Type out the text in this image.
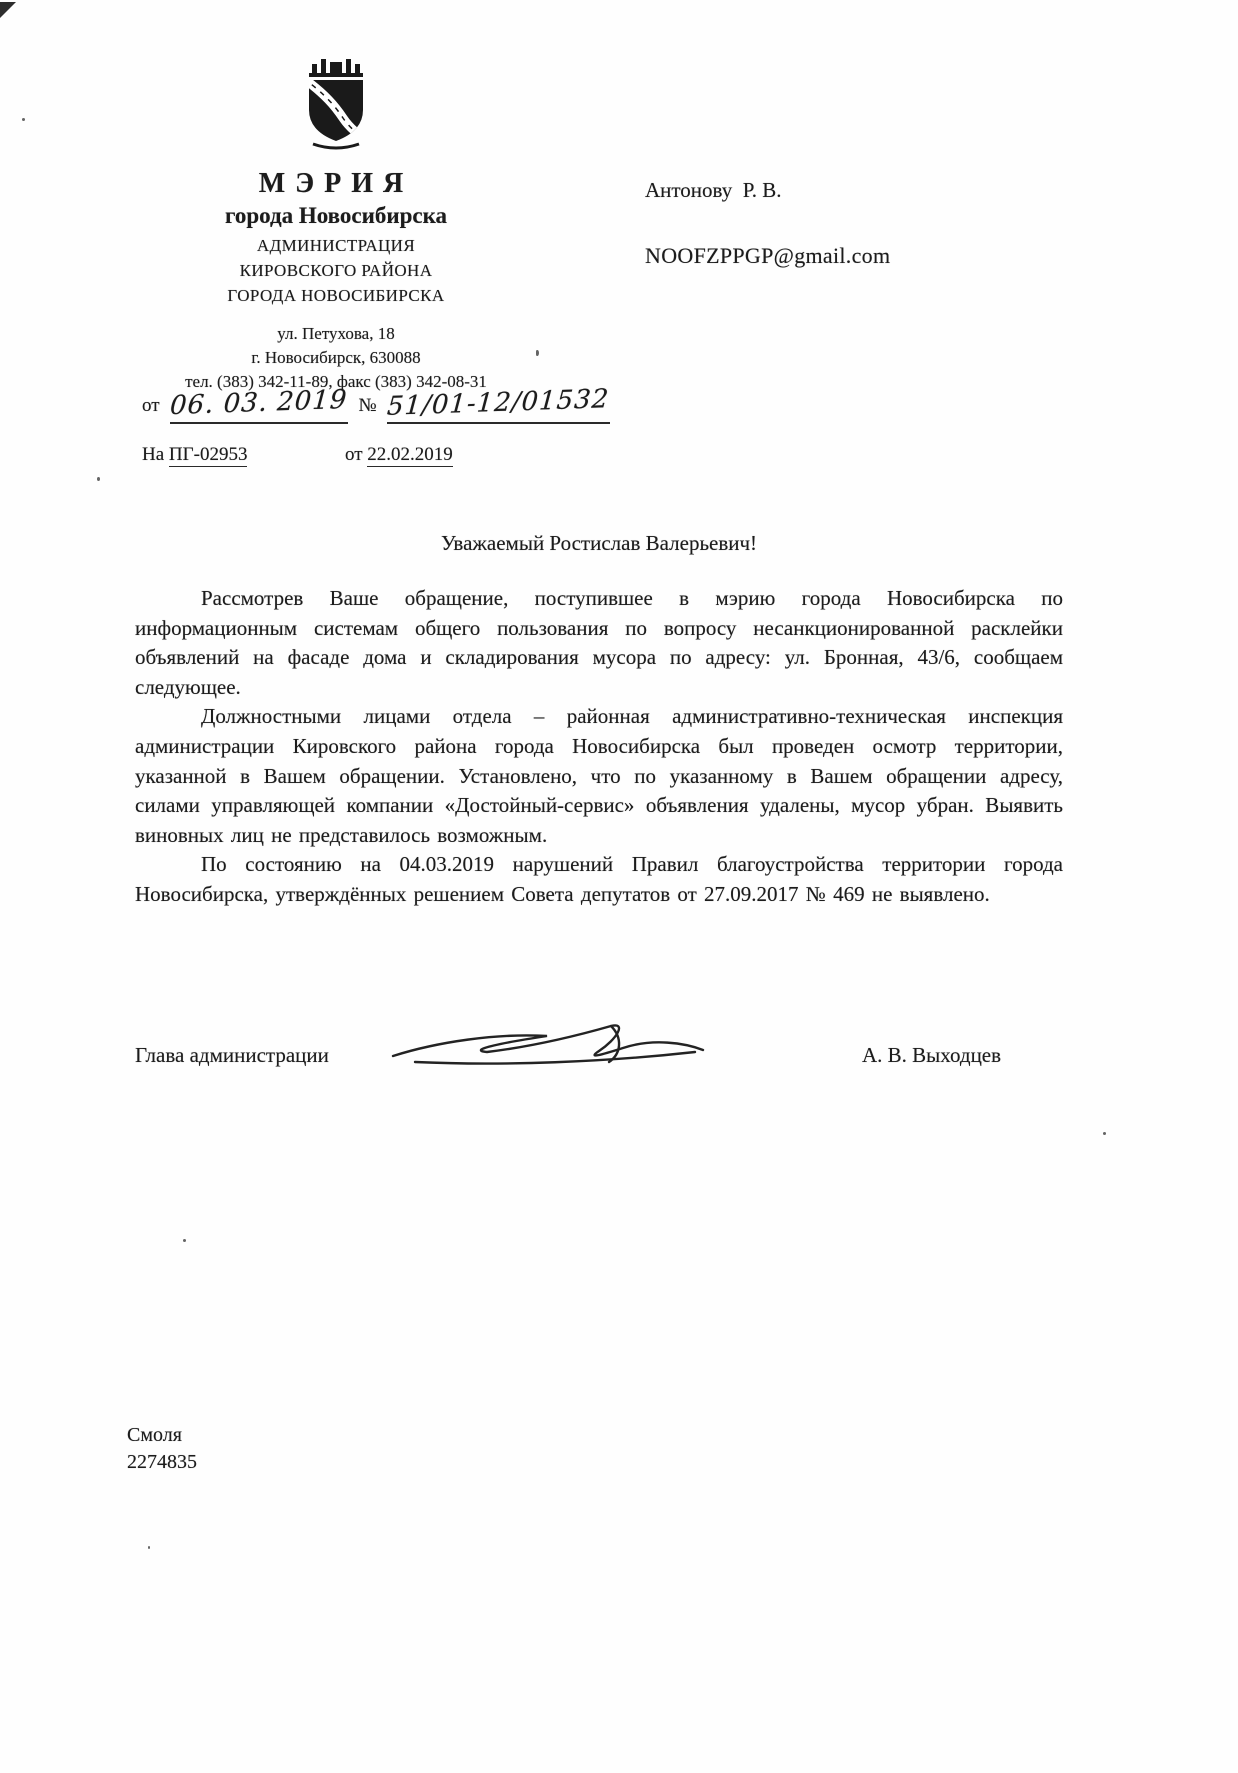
МЭРИЯ
города Новосибирска
АДМИНИСТРАЦИЯ
КИРОВСКОГО РАЙОНА
ГОРОДА НОВОСИБИРСКА
ул. Петухова, 18
г. Новосибирск, 630088
тел. (383) 342-11-89, факс (383) 342-08-31
от 06. 03. 2019 № 51/01-12/01532
На ПГ-02953	от 22.02.2019
Антонову  Р. В.
NOOFZPPGP@gmail.com
Уважаемый Ростислав Валерьевич!

Рассмотрев Ваше обращение, поступившее в мэрию города Новосибирска по информационным системам общего пользования по вопросу несанкционированной расклейки объявлений на фасаде дома и складирования мусора по адресу: ул. Бронная, 43/6, сообщаем следующее.

Должностными лицами отдела – районная административно-техническая инспекция администрации Кировского района города Новосибирска был проведен осмотр территории, указанной в Вашем обращении. Установлено, что по указанному в Вашем обращении адресу, силами управляющей компании «Достойный-сервис» объявления удалены, мусор убран. Выявить виновных лиц не представилось возможным.

По состоянию на 04.03.2019 нарушений Правил благоустройства территории города Новосибирска, утверждённых решением Совета депутатов от 27.09.2017 № 469 не выявлено.

Глава администрации	А. В. Выходцев
Смоля
2274835
